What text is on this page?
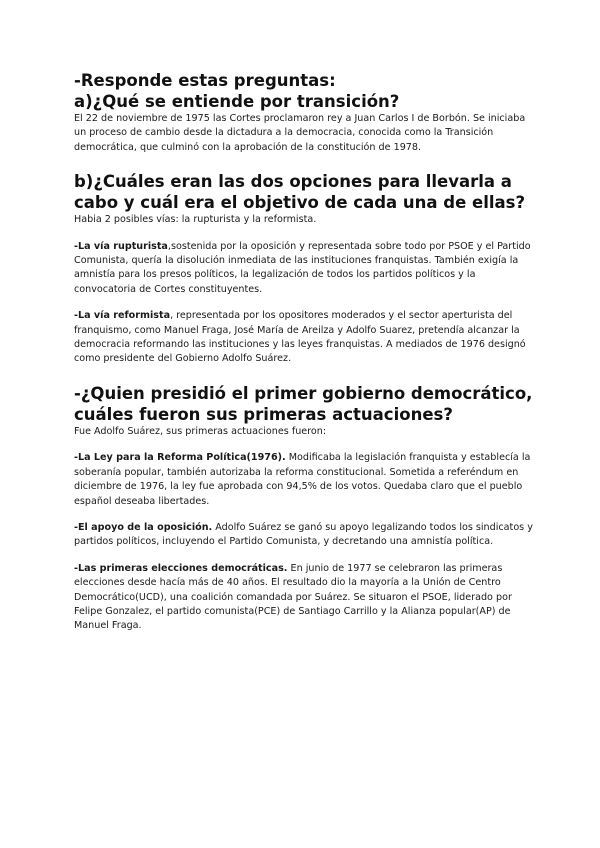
-Responde estas preguntas:
a)¿Qué se entiende por transición?

El 22 de noviembre de 1975 las Cortes proclamaron rey a Juan Carlos I de Borbón. Se iniciaba un proceso de cambio desde la dictadura a la democracia, conocida como la Transición democrática, que culminó con la aprobación de la constitución de 1978.

b)¿Cuáles eran las dos opciones para llevarla a cabo y cuál era el objetivo de cada una de ellas?

Habia 2 posibles vías: la rupturista y la reformista.

-La vía rupturista,sostenida por la oposición y representada sobre todo por PSOE y el Partido Comunista, quería la disolución inmediata de las instituciones franquistas. También exigía la amnistía para los presos políticos, la legalización de todos los partidos políticos y la convocatoria de Cortes constituyentes.

-La vía reformista, representada por los opositores moderados y el sector aperturista del franquismo, como Manuel Fraga, José María de Areilza y Adolfo Suarez, pretendía alcanzar la democracia reformando las instituciones y las leyes franquistas. A mediados de 1976 designó como presidente del Gobierno Adolfo Suárez.

-¿Quien presidió el primer gobierno democrático, cuáles fueron sus primeras actuaciones?

Fue Adolfo Suárez, sus primeras actuaciones fueron:

-La Ley para la Reforma Política(1976). Modificaba la legislación franquista y establecía la soberanía popular, también autorizaba la reforma constitucional. Sometida a referéndum en diciembre de 1976, la ley fue aprobada con 94,5% de los votos. Quedaba claro que el pueblo español deseaba libertades.

-El apoyo de la oposición. Adolfo Suárez se ganó su apoyo legalizando todos los sindicatos y partidos políticos, incluyendo el Partido Comunista, y decretando una amnistía política.

-Las primeras elecciones democráticas. En junio de 1977 se celebraron las primeras elecciones desde hacía más de 40 años. El resultado dio la mayoría a la Unión de Centro Democrático(UCD), una coalición comandada por Suárez. Se situaron el PSOE, liderado por Felipe Gonzalez, el partido comunista(PCE) de Santiago Carrillo y la Alianza popular(AP) de Manuel Fraga.
